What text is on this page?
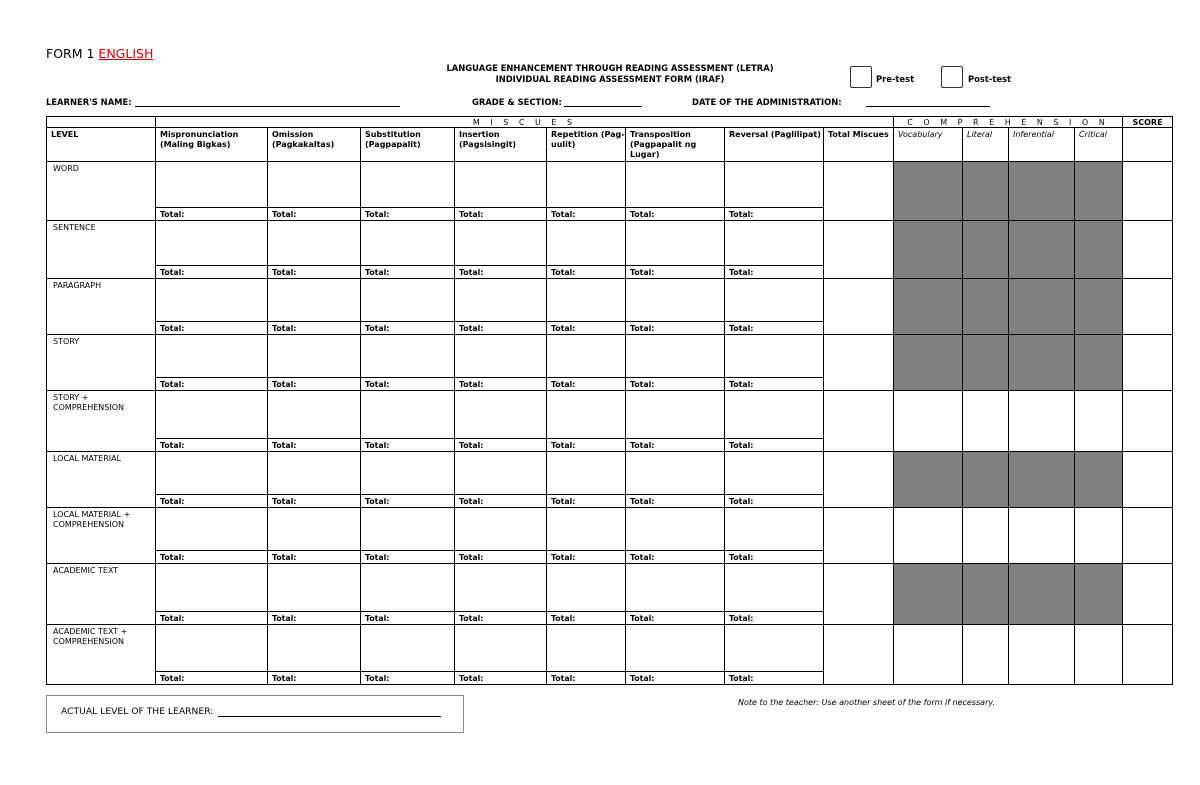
FORM 1 ENGLISH
LANGUAGE ENHANCEMENT THROUGH READING ASSESSMENT (LETRA)
INDIVIDUAL READING ASSESSMENT FORM (IRAF)	Pre-test	Post-test
LEARNER'S NAME:	GRADE & SECTION:	DATE OF THE ADMINISTRATION:
	M I S C U E S								C O M P R E H E N S I O N				SCORE
LEVEL	Mispronunciation (Maling Bigkas)	Omission (Pagkakaltas)	Substitution (Pagpapalit)	Insertion (Pagsisingit)	Repetition (Pag-uulit)	Transposition (Pagpapalit ng Lugar)	Reversal (Paglilipat)	Total Miscues	Vocabulary	Literal	Inferential	Critical	
WORD	Total:	Total:	Total:	Total:	Total:	Total:	Total:						

SENTENCE	Total:	Total:	Total:	Total:	Total:	Total:	Total:						

PARAGRAPH	Total:	Total:	Total:	Total:	Total:	Total:	Total:						

STORY	Total:	Total:	Total:	Total:	Total:	Total:	Total:						

STORY + COMPREHENSION	Total:	Total:	Total:	Total:	Total:	Total:	Total:						

LOCAL MATERIAL	Total:	Total:	Total:	Total:	Total:	Total:	Total:						

LOCAL MATERIAL + COMPREHENSION	Total:	Total:	Total:	Total:	Total:	Total:	Total:						

ACADEMIC TEXT	Total:	Total:	Total:	Total:	Total:	Total:	Total:						

ACADEMIC TEXT + COMPREHENSION	Total:	Total:	Total:	Total:	Total:	Total:	Total:						

ACTUAL LEVEL OF THE LEARNER:
Note to the teacher: Use another sheet of the form if necessary.
